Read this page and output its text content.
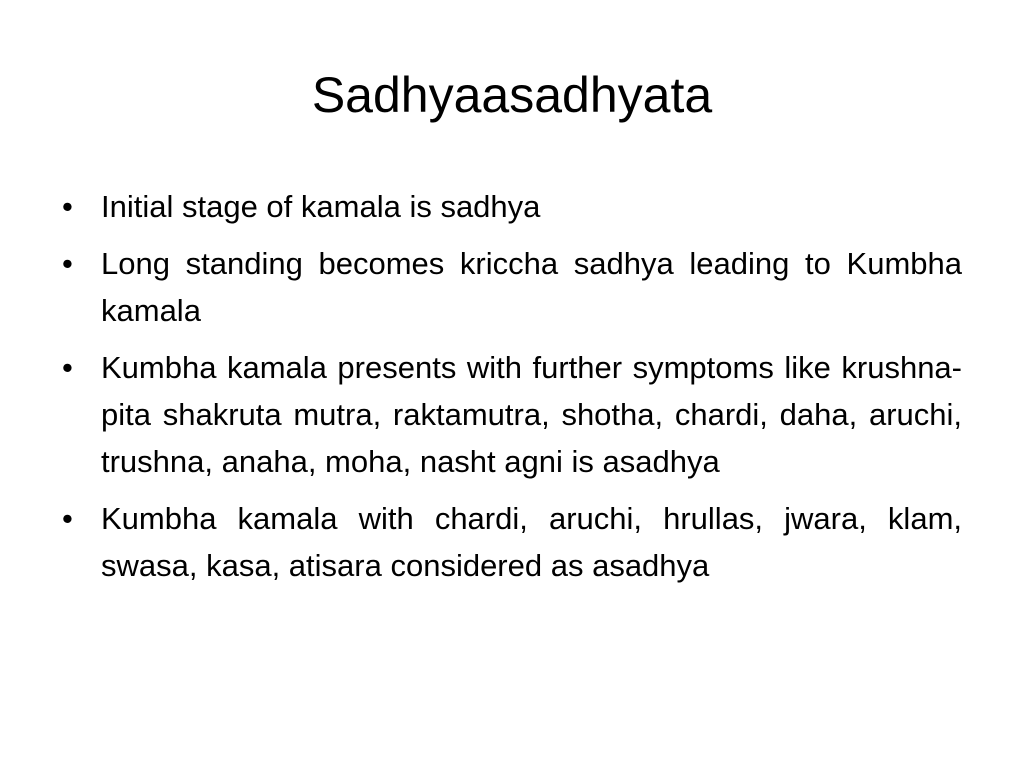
Sadhyaasadhyata
• Initial stage of kamala is sadhya
• Long standing becomes kriccha sadhya leading to Kumbha kamala
• Kumbha kamala presents with further symptoms like krushna-pita shakruta mutra, raktamutra, shotha, chardi, daha, aruchi, trushna, anaha, moha, nasht agni is asadhya
• Kumbha kamala with chardi, aruchi, hrullas, jwara, klam, swasa, kasa, atisara considered as asadhya
